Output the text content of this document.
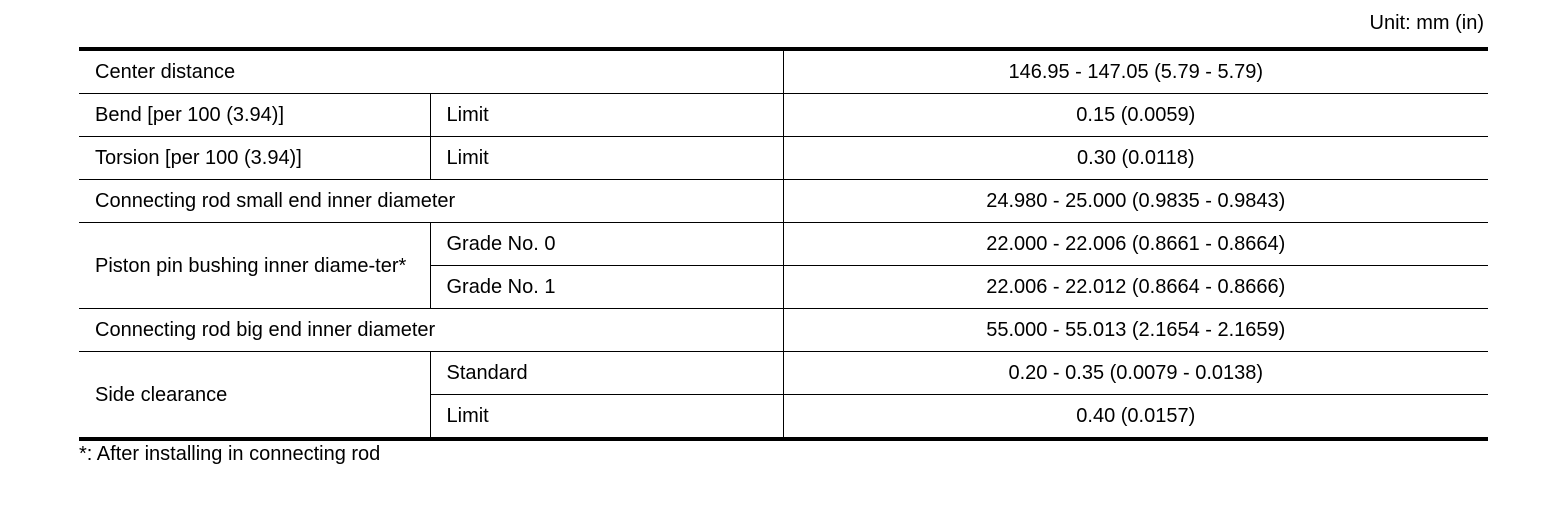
Unit: mm (in)
Center distance		146.95 - 147.05 (5.79 - 5.79)
Bend [per 100 (3.94)]	Limit	0.15 (0.0059)
Torsion [per 100 (3.94)]	Limit	0.30 (0.0118)
Connecting rod small end inner diameter		24.980 - 25.000 (0.9835 - 0.9843)
Piston pin bushing inner diame-ter*	Grade No. 0	22.000 - 22.006 (0.8661 - 0.8664)
	Grade No. 1	22.006 - 22.012 (0.8664 - 0.8666)
Connecting rod big end inner diameter		55.000 - 55.013 (2.1654 - 2.1659)
Side clearance	Standard	0.20 - 0.35 (0.0079 - 0.0138)
	Limit	0.40 (0.0157)
*: After installing in connecting rod
